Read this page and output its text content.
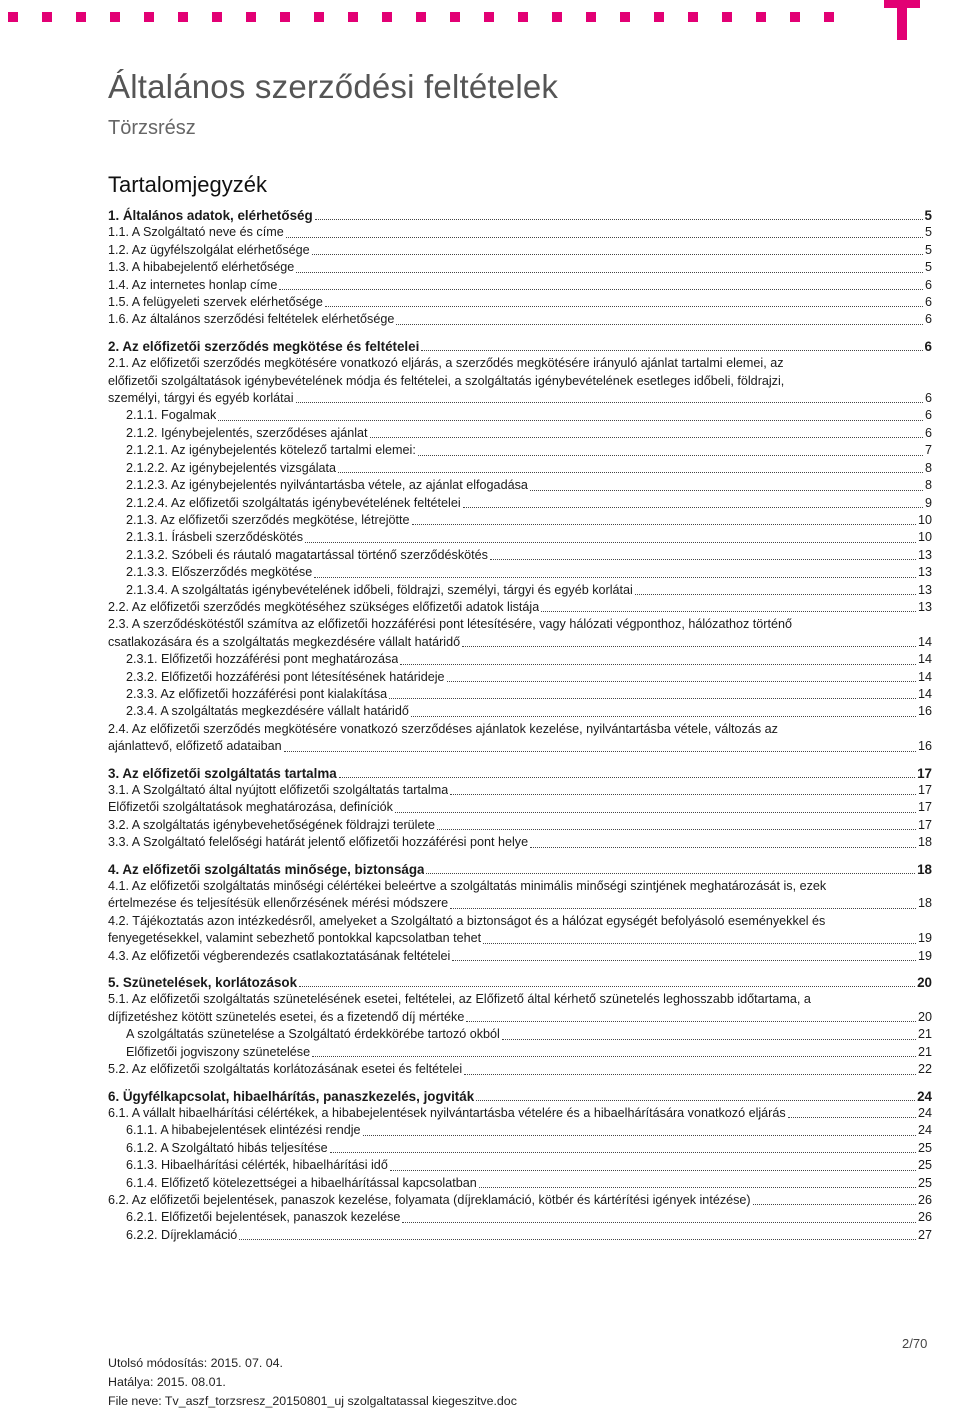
Általános szerződési feltételek
Törzsrész
Tartalomjegyzék
1. Általános adatok, elérhetőség	5
1.1. A Szolgáltató neve és címe	5
1.2. Az ügyfélszolgálat elérhetősége	5
1.3. A hibabejelentő elérhetősége	5
1.4. Az internetes honlap címe	6
1.5. A felügyeleti szervek elérhetősége	6
1.6. Az általános szerződési feltételek elérhetősége	6
2. Az előfizetői szerződés megkötése és feltételei	6
2.1. Az előfizetői szerződés megkötésére vonatkozó eljárás, a szerződés megkötésére irányuló ajánlat tartalmi elemei, az
előfizetői szolgáltatások igénybevételének módja és feltételei, a szolgáltatás igénybevételének esetleges időbeli, földrajzi,
személyi, tárgyi és egyéb korlátai	6
2.1.1. Fogalmak	6
2.1.2. Igénybejelentés, szerződéses ajánlat	6
2.1.2.1. Az igénybejelentés kötelező tartalmi elemei:	7
2.1.2.2. Az igénybejelentés vizsgálata	8
2.1.2.3. Az igénybejelentés nyilvántartásba vétele, az ajánlat elfogadása	8
2.1.2.4. Az előfizetői szolgáltatás igénybevételének feltételei	9
2.1.3. Az előfizetői szerződés megkötése, létrejötte	10
2.1.3.1. Írásbeli szerződéskötés	10
2.1.3.2. Szóbeli és ráutaló magatartással történő szerződéskötés	13
2.1.3.3. Előszerződés megkötése	13
2.1.3.4. A szolgáltatás igénybevételének időbeli, földrajzi, személyi, tárgyi és egyéb korlátai	13
2.2. Az előfizetői szerződés megkötéséhez szükséges előfizetői adatok listája	13
2.3. A szerződéskötéstől számítva az előfizetői hozzáférési pont létesítésére, vagy hálózati végponthoz, hálózathoz történő
csatlakozására és a szolgáltatás megkezdésére vállalt határidő	14
2.3.1. Előfizetői hozzáférési pont meghatározása	14
2.3.2. Előfizetői hozzáférési pont létesítésének határideje	14
2.3.3. Az előfizetői hozzáférési pont kialakítása	14
2.3.4. A szolgáltatás megkezdésére vállalt határidő	16
2.4. Az előfizetői szerződés megkötésére vonatkozó szerződéses ajánlatok kezelése, nyilvántartásba vétele, változás az
ajánlattevő, előfizető adataiban	16
3. Az előfizetői szolgáltatás tartalma	17
3.1. A Szolgáltató által nyújtott előfizetői szolgáltatás tartalma	17
Előfizetői szolgáltatások meghatározása, definíciók	17
3.2. A szolgáltatás igénybevehetőségének földrajzi területe	17
3.3. A Szolgáltató felelőségi határát jelentő előfizetői hozzáférési pont helye	18
4. Az előfizetői szolgáltatás minősége, biztonsága	18
4.1. Az előfizetői szolgáltatás minőségi célértékei beleértve a szolgáltatás minimális minőségi szintjének meghatározását is, ezek
értelmezése és teljesítésük ellenőrzésének mérési módszere	18
4.2. Tájékoztatás azon intézkedésről, amelyeket a Szolgáltató a biztonságot és a hálózat egységét befolyásoló eseményekkel és
fenyegetésekkel, valamint sebezhető pontokkal kapcsolatban tehet	19
4.3. Az előfizetői végberendezés csatlakoztatásának feltételei	19
5. Szünetelések, korlátozások	20
5.1. Az előfizetői szolgáltatás szünetelésének esetei, feltételei, az Előfizető által kérhető szünetelés leghosszabb időtartama, a
díjfizetéshez kötött szünetelés esetei, és a fizetendő díj mértéke	20
A szolgáltatás szünetelése a Szolgáltató érdekkörébe tartozó okból	21
Előfizetői jogviszony szünetelése	21
5.2. Az előfizetői szolgáltatás korlátozásának esetei és feltételei	22
6. Ügyfélkapcsolat, hibaelhárítás, panaszkezelés, jogviták	24
6.1. A vállalt hibaelhárítási célértékek, a hibabejelentések nyilvántartásba vételére és a hibaelhárítására vonatkozó eljárás	24
6.1.1. A hibabejelentések elintézési rendje	24
6.1.2. A Szolgáltató hibás teljesítése	25
6.1.3. Hibaelhárítási célérték, hibaelhárítási idő	25
6.1.4. Előfizető kötelezettségei a hibaelhárítással kapcsolatban	25
6.2. Az előfizetői bejelentések, panaszok kezelése, folyamata (díjreklamáció, kötbér és kártérítési igények intézése)	26
6.2.1. Előfizetői bejelentések, panaszok kezelése	26
6.2.2. Díjreklamáció	27
2/70
Utolsó módosítás: 2015. 07. 04.
Hatálya: 2015. 08.01.
File neve: Tv_aszf_torzsresz_20150801_uj szolgaltatassal kiegeszitve.doc
